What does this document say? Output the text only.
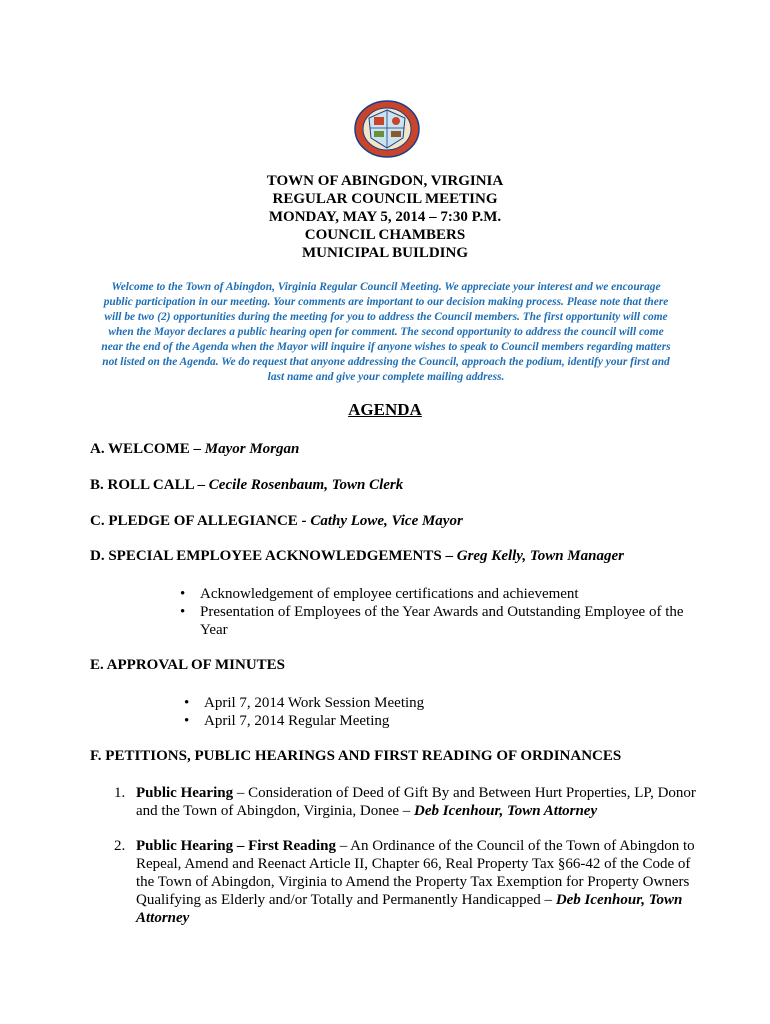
TOWN OF ABINGDON, VIRGINIA
REGULAR COUNCIL MEETING
MONDAY, MAY 5, 2014 – 7:30 P.M.
COUNCIL CHAMBERS
MUNICIPAL BUILDING
Welcome to the Town of Abingdon, Virginia Regular Council Meeting. We appreciate your interest and we encourage
public participation in our meeting. Your comments are important to our decision making process. Please note that there
will be two (2) opportunities during the meeting for you to address the Council members. The first opportunity will come
when the Mayor declares a public hearing open for comment. The second opportunity to address the council will come
near the end of the Agenda when the Mayor will inquire if anyone wishes to speak to Council members regarding matters
not listed on the Agenda. We do request that anyone addressing the Council, approach the podium, identify your first and
last name and give your complete mailing address.
AGENDA
A. WELCOME – Mayor Morgan
B. ROLL CALL – Cecile Rosenbaum, Town Clerk
C. PLEDGE OF ALLEGIANCE - Cathy Lowe, Vice Mayor
D. SPECIAL EMPLOYEE ACKNOWLEDGEMENTS – Greg Kelly, Town Manager
• Acknowledgement of employee certifications and achievement
• Presentation of Employees of the Year Awards and Outstanding Employee of the
Year
E. APPROVAL OF MINUTES
• April 7, 2014 Work Session Meeting
• April 7, 2014 Regular Meeting
F. PETITIONS, PUBLIC HEARINGS AND FIRST READING OF ORDINANCES
1. Public Hearing – Consideration of Deed of Gift By and Between Hurt Properties, LP, Donor
and the Town of Abingdon, Virginia, Donee – Deb Icenhour, Town Attorney
2. Public Hearing – First Reading – An Ordinance of the Council of the Town of Abingdon to
Repeal, Amend and Reenact Article II, Chapter 66, Real Property Tax §66-42 of the Code of
the Town of Abingdon, Virginia to Amend the Property Tax Exemption for Property Owners
Qualifying as Elderly and/or Totally and Permanently Handicapped – Deb Icenhour, Town
Attorney
